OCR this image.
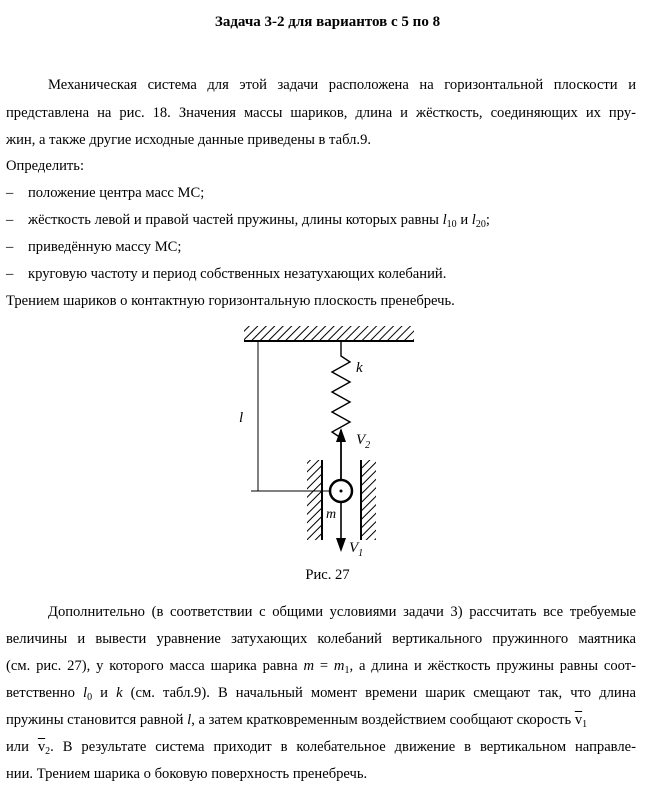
Задача 3-2 для вариантов с 5 по 8
Механическая система для этой задачи расположена на горизонтальной плоскости и
представлена на рис. 18. Значения массы шариков, длина и жёсткость, соединяющих их пру-
жин, а также другие исходные данные приведены в табл.9.
Определить:
– положение центра масс МС;
– жёсткость левой и правой частей пружины, длины которых равны $l_{10}$ и $l_{20}$;
– приведённую массу МС;
– круговую частоту и период собственных незатухающих колебаний.
Трением шариков о контактную горизонтальную плоскость пренебречь.
k
l
$V_2$
m
$V_1$
Рис. 27
Дополнительно (в соответствии с общими условиями задачи 3) рассчитать все требуемые
величины и вывести уравнение затухающих колебаний вертикального пружинного маятника
(см. рис. 27), у которого масса шарика равна $m = m_1$, а длина и жёсткость пружины равны соот-
ветственно $l_0$ и k (см. табл.9). В начальный момент времени шарик смещают так, что длина
пружины становится равной l, а затем кратковременным воздействием сообщают скорость $\overline{v}_1$
или $\overline{v}_2$. В результате система приходит в колебательное движение в вертикальном направле-
нии. Трением шарика о боковую поверхность пренебречь.
